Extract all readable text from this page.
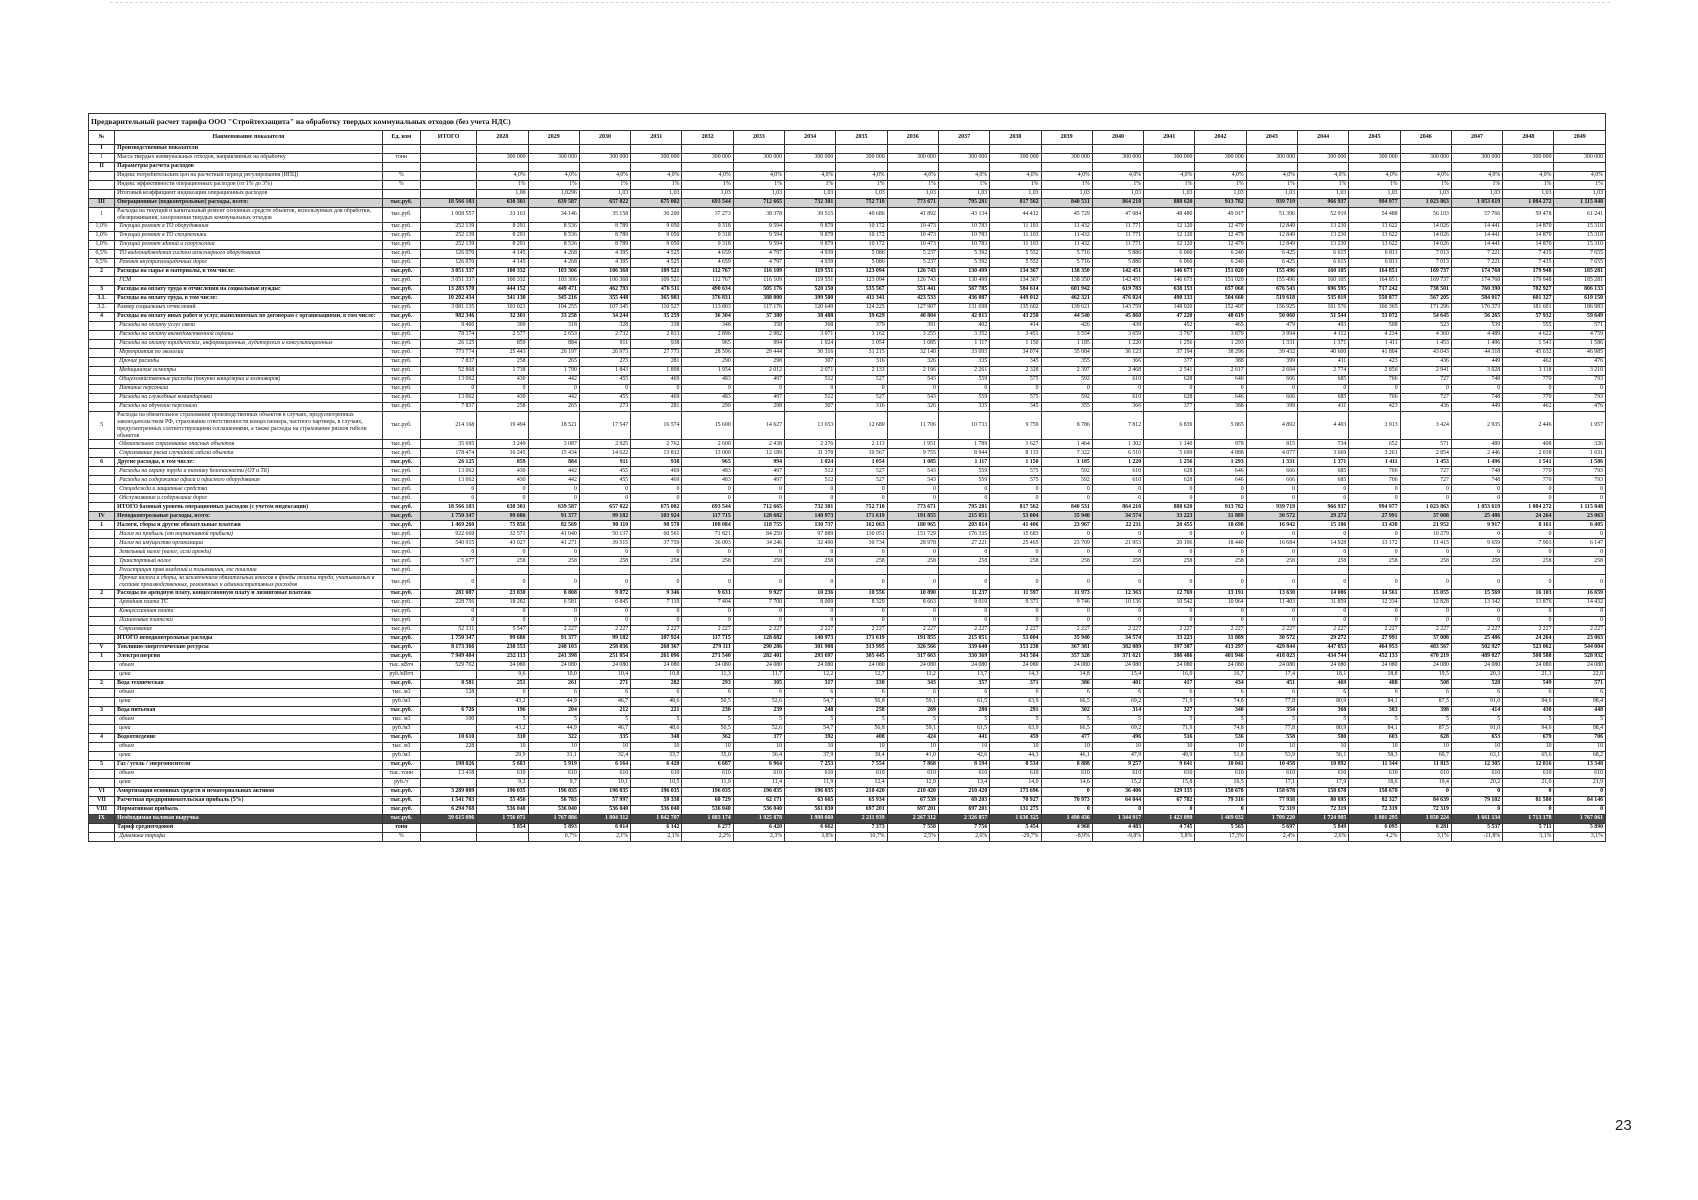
Предварительный расчет тарифа ООО "Стройтехзащита" на обработку твердых коммунальных отходов (без учета НДС)																									
№	Наименование показателя	Ед. изм	ИТОГО	2028	2029	2030	2031	2032	2033	2034	2035	2036	2037	2038	2039	2040	2041	2042	2043	2044	2045	2046	2047	2048	2049
I	Производственные показатели																								
1	Масса твердых коммунальных отходов, направляемых на обработку	тонн		300 000	300 000	300 000	300 000	300 000	300 000	300 000	300 000	300 000	300 000	300 000	300 000	300 000	300 000	300 000	300 000	300 000	300 000	300 000	300 000	300 000	300 000
II	Параметры расчета расходов																								
	Индекс потребительских цен на расчетный период регулирования (ИПЦ)	%		4,0%	4,0%	4,0%	4,0%	4,0%	4,0%	4,0%	4,0%	4,0%	4,0%	4,0%	4,0%	4,0%	4,0%	4,0%	4,0%	4,0%	4,0%	4,0%	4,0%	4,0%	4,0%
	Индекс эффективности операционных расходов (от 1% до 3%)	%		1%	1%	1%	1%	1%	1%	1%	1%	1%	1%	1%	1%	1%	1%	1%	1%	1%	1%	1%	1%	1%	1%
	Итоговый коэффициент индексации операционных расходов			1,00	1,0296	1,03	1,03	1,03	1,03	1,03	1,03	1,03	1,03	1,03	1,03	1,03	1,03	1,03	1,03	1,03	1,03	1,03	1,03	1,03	1,03
III	Операционные (подконтрольные) расходы, всего:	тыс.руб.	18 566 103	630 301	639 587	657 022	675 002	693 544	712 665	732 381	752 710	773 671	795 281	817 562	840 531	864 210	888 620	913 782	939 719	966 937	994 977	1 023 863	1 053 619	1 084 272	1 115 848
1	Расходы на текущий и капитальный ремонт основных средств объектов, используемых для обработки, обезвреживания, захоронения твердых коммунальных отходов	тыс.руб.	1 008 557	33 163	34 146	35 158	36 200	37 273	38 378	39 515	40 686	41 892	43 134	44 412	45 729	47 084	48 480	49 917	51 396	52 919	54 488	56 103	57 766	59 478	61 241
1,0%	Текущий ремонт в ТО оборудования	тыс.руб.	252 139	8 291	8 536	8 789	9 050	9 318	9 594	9 879	10 172	10 473	10 783	11 103	11 432	11 771	12 120	12 479	12 849	13 230	13 622	14 026	14 441	14 870	15 310
1,0%	Текущий ремонт в ТО спецтехники	тыс.руб.	252 139	8 291	8 536	8 789	9 050	9 318	9 594	9 879	10 172	10 473	10 783	11 103	11 432	11 771	12 120	12 479	12 849	13 230	13 622	14 026	14 441	14 870	15 310
1,0%	Текущий ремонт зданий и сооружений	тыс.руб.	252 139	8 291	8 536	8 789	9 050	9 318	9 594	9 879	10 172	10 473	10 783	11 103	11 432	11 771	12 120	12 479	12 849	13 230	13 622	14 026	14 441	14 870	15 310
0,5%	ТО видеонаблюдения систем инженерного оборудования	тыс.руб.	126 070	4 145	4 268	4 395	4 525	4 659	4 797	4 939	5 086	5 237	5 392	5 552	5 716	5 886	6 060	6 240	6 425	6 615	6 811	7 013	7 221	7 435	7 655
0,5%	Ремонт внутриплощадочных дорог	тыс.руб.	126 070	4 145	4 268	4 395	4 525	4 659	4 797	4 939	5 086	5 237	5 392	5 552	5 716	5 886	6 060	6 240	6 425	6 615	6 811	7 013	7 221	7 435	7 655
2	Расходы на сырье и материалы, в том числе:	тыс.руб.	3 051 337	100 332	103 306	106 368	109 521	112 767	116 109	119 551	123 094	126 743	130 499	134 367	138 350	142 451	146 673	151 020	155 496	160 105	164 851	169 737	174 768	179 948	185 281
	ГСМ	тыс.руб.	3 051 337	100 332	103 306	106 368	109 521	112 767	116 109	119 551	123 094	126 743	130 499	134 367	138 350	142 451	146 673	151 020	155 496	160 105	164 851	169 737	174 768	179 948	185 281
3	Расходы на оплату труда и отчисления на социальные нужды:	тыс.руб.	13 283 570	444 152	449 471	462 793	476 511	490 634	505 176	520 150	535 567	551 441	567 785	584 614	601 942	619 783	638 153	657 068	676 543	696 595	717 242	738 501	760 390	782 927	806 133
3.1.	Расходы на оплату труда, в том числе:	тыс.руб.	10 202 434	341 130	345 216	355 448	365 983	376 831	388 000	399 500	411 341	423 533	436 087	449 012	462 321	476 024	490 133	504 660	519 618	535 019	550 877	567 205	584 017	601 327	619 150
3.2.	Размер социальных отчислений	тыс.руб.	3 081 135	103 021	104 255	107 345	110 527	113 803	117 176	120 649	124 225	127 907	131 698	135 602	139 621	143 759	148 020	152 407	156 925	161 576	166 365	171 296	176 373	181 601	186 983
4	Расходы на оплату иных работ и услуг, выполняемых по договорам с организациями, в том числе:	тыс.руб.	982 346	32 301	33 258	34 244	35 259	36 304	37 380	38 488	39 629	40 804	42 013	43 258	44 540	45 860	47 220	48 619	50 060	51 544	53 072	54 645	56 265	57 932	59 649
	Расходы на оплату услуг связи	тыс.руб.	9 406	309	318	328	338	348	358	368	379	391	402	414	426	439	452	465	479	493	508	523	539	555	571
	Расходы на оплату вневедомственной охраны	тыс.руб.	78 374	2 577	2 653	2 732	2 813	2 896	2 982	3 071	3 162	3 255	3 352	3 451	3 554	3 659	3 767	3 879	3 994	4 112	4 234	4 360	4 489	4 622	4 759
	Расходы на оплату юридических, информационных, аудиторских и консультационных	тыс.руб.	26 125	859	884	911	938	965	994	1 024	1 054	1 085	1 117	1 150	1 185	1 220	1 256	1 293	1 331	1 371	1 411	1 453	1 496	1 541	1 586
	Мероприятия по экологии	тыс.руб.	773 774	25 443	26 197	26 973	27 773	28 596	29 444	30 316	31 215	32 140	33 093	34 074	35 084	36 123	37 194	38 296	39 432	40 600	41 804	43 043	44 318	45 632	46 985
	Прочие расходы	тыс.руб.	7 837	258	265	273	281	290	298	307	316	326	335	345	355	366	377	388	399	411	423	436	449	462	476
	Медицинские осмотры	тыс.руб.	52 868	1 738	1 790	1 843	1 898	1 954	2 012	2 071	2 133	2 196	2 261	2 328	2 397	2 468	2 541	2 617	2 694	2 774	2 856	2 941	3 028	3 118	3 210
	Общехозяйственные расходы (покупка канцелярии и хозтоваров)	тыс.руб.	13 062	430	442	455	469	483	497	512	527	543	559	575	592	610	628	646	666	685	706	727	748	770	793
	Питание персонала	тыс.руб.	0	0	0	0	0	0	0	0	0	0	0	0	0	0	0	0	0	0	0	0	0	0	0
	Расходы на служебные командировки	тыс.руб.	13 062	430	442	455	469	483	497	512	527	543	559	575	592	610	628	646	666	685	706	727	748	770	793
	Расходы на обучение персонала	тыс.руб.	7 837	258	265	273	281	290	298	307	316	326	335	345	355	366	377	388	399	411	423	436	449	462	476
5	Расходы на обязательное страхование производственных объектов в случаях, предусмотренных законодательством РФ, страхование ответственности концессионера, частного партнера, в случаях, предусмотренных соответствующими соглашениями, а также расходы на страхование рисков гибели объектов	тыс.руб.	214 168	19 494	18 521	17 547	16 574	15 600	14 627	13 653	12 680	11 706	10 733	9 759	8 786	7 812	6 839	5 865	4 892	4 403	3 913	3 424	2 935	2 446	1 957
	Обязательное страхование опасных объектов	тыс.руб.	35 695	3 249	3 087	2 925	2 762	2 600	2 438	2 276	2 113	1 951	1 789	1 627	1 464	1 302	1 140	978	815	734	652	571	489	408	326
	Страхование риска случайной гибели объекта	тыс.руб.	178 474	16 245	15 434	14 622	13 812	13 000	12 189	11 378	10 567	9 755	8 944	8 133	7 322	6 510	5 699	4 888	4 077	3 669	3 261	2 854	2 446	2 038	1 631
6	Другие расходы, в том числе:	тыс.руб.	26 125	859	884	911	938	965	994	1 024	1 054	1 085	1 117	1 150	1 185	1 220	1 256	1 293	1 331	1 371	1 411	1 453	1 496	1 541	1 586
	Расходы на охрану труда и технику безопасности (ОТ и ТБ)	тыс.руб.	13 062	430	442	455	469	483	497	512	527	543	559	575	592	610	628	646	666	685	706	727	748	770	793
	Расходы на содержание офиса и офисного оборудования	тыс.руб.	13 062	430	442	455	469	483	497	512	527	543	559	575	592	610	628	646	666	685	706	727	748	770	793
	Спецодежда и защитные средства	тыс.руб.	0	0	0	0	0	0	0	0	0	0	0	0	0	0	0	0	0	0	0	0	0	0	0
	Обслуживание и содержание дорог	тыс.руб.	0	0	0	0	0	0	0	0	0	0	0	0	0	0	0	0	0	0	0	0	0	0	0
	ИТОГО базовый уровень операционных расходов (с учетом индексации)	тыс.руб.	18 566 103	630 301	639 587	657 022	675 002	693 544	712 665	732 381	752 710	773 671	795 281	817 562	840 531	864 210	888 620	913 782	939 719	966 937	994 977	1 023 863	1 053 619	1 084 272	1 115 848
IV	Неподконтрольные расходы, всего:	тыс.руб.	1 750 347	99 686	91 377	99 182	103 924	117 715	128 682	140 973	171 619	191 855	215 051	53 004	35 940	34 574	33 223	31 889	30 572	29 272	27 991	37 008	25 486	24 264	23 063
1	Налоги, сборы и другие обязательные платежи	тыс.руб.	1 469 260	75 856	82 569	90 110	98 578	108 084	118 755	130 737	162 063	180 965	203 814	41 406	23 967	22 211	20 455	18 698	16 942	15 186	13 430	21 952	9 917	8 161	6 405
	Налог на прибыль (от нормативной прибыли)	тыс.руб.	922 669	32 571	41 040	50 137	60 561	71 821	84 250	97 889	130 051	151 729	176 335	15 683	0	0	0	0	0	0	0	10 279	0	0	0
	Налог на имущество организации	тыс.руб.	540 915	43 027	41 271	39 515	37 759	36 003	34 246	32 490	30 734	28 978	27 221	25 465	23 709	21 953	20 196	18 440	16 684	14 928	13 172	11 415	9 659	7 903	6 147
	Земельный налог (налог, если аренда)	тыс.руб.	0	0	0	0	0	0	0	0	0	0	0	0	0	0	0	0	0	0	0	0	0	0	0
	Транспортный налог	тыс.руб.	5 677	258	258	258	258	258	258	258	258	258	258	258	258	258	258	258	258	258	258	258	258	258	258
	Регистрация прав владений и пользования, гос пошлина	тыс.руб.																							
	Прочие налоги и сборы, за исключением обязательных взносов в фонды оплаты труда, учитываемых в составе производственных, ремонтных и административных расходов	тыс.руб.	0	0	0	0	0	0	0	0	0	0	0	0	0	0	0	0	0	0	0	0	0	0	0
2	Расходы по арендную плату, концессионную плату и лизинговые платежи	тыс.руб.	281 087	23 830	8 808	9 072	9 346	9 631	9 927	10 236	10 556	10 890	11 237	11 597	11 973	12 363	12 769	13 191	13 630	14 086	14 561	15 055	15 569	16 103	16 659
	Арендная плата ТС	тыс.руб.	228 756	18 282	6 581	6 845	7 119	7 404	7 700	8 009	8 329	8 663	9 010	9 371	9 746	10 136	10 542	10 964	11 403	11 859	12 334	12 828	13 342	13 876	14 432
	Концессионная плата	тыс.руб.	0	0	0	0	0	0	0	0	0	0	0	0	0	0	0	0	0	0	0	0	0	0	0
	Лизинговые платежи	тыс.руб.	0	0	0	0	0	0	0	0	0	0	0	0	0	0	0	0	0	0	0	0	0	0	0
	Страхование	тыс.руб.	52 331	5 547	2 227	2 227	2 227	2 227	2 227	2 227	2 227	2 227	2 227	2 227	2 227	2 227	2 227	2 227	2 227	2 227	2 227	2 227	2 227	2 227	2 227
	ИТОГО неподконтрольные расходы	тыс.руб.	1 750 347	99 686	91 377	99 182	107 924	117 715	128 682	140 973	171 619	191 855	215 051	53 004	35 940	34 574	33 223	31 889	30 572	29 272	27 991	37 008	25 486	24 264	23 063
V	Топливно-энергетические ресурсы	тыс.руб.	8 173 366	238 553	248 103	258 036	268 367	279 111	290 286	301 908	313 995	326 566	339 640	353 238	367 381	382 089	397 387	413 297	429 844	447 053	464 953	483 567	502 927	523 062	544 004
1	Электроэнергия	тыс.руб.	7 949 404	232 113	241 398	251 054	261 096	271 540	282 401	293 697	305 445	317 663	330 369	343 584	357 328	371 621	386 486	401 946	418 023	434 744	452 133	470 219	489 027	508 588	528 932
	объем	тыс. кВтч	529 762	24 080	24 080	24 080	24 080	24 080	24 080	24 080	24 080	24 080	24 080	24 080	24 080	24 080	24 080	24 080	24 080	24 080	24 080	24 080	24 080	24 080	24 080
	цена	руб./кВтч		9,6	10,0	10,4	10,8	11,3	11,7	12,2	12,7	13,2	13,7	14,3	14,8	15,4	16,0	16,7	17,4	18,1	18,8	19,5	20,3	21,1	22,0
2	Вода техническая	тыс.руб.	8 581	251	261	271	282	293	305	317	330	343	357	371	386	401	417	434	451	469	488	508	528	549	571
	объем	тыс. м3	128	6	6	6	6	6	6	6	6	6	6	6	6	6	6	6	6	6	6	6	6	6	6
	цена	руб./м3		43,2	44,9	46,7	48,6	50,5	52,6	54,7	56,8	59,1	61,5	63,9	66,5	69,2	71,9	74,8	77,8	80,9	84,1	87,5	91,0	94,6	98,4
3	Вода питьевая	тыс.руб.	6 726	196	204	212	221	230	239	248	258	269	280	291	302	314	327	340	354	368	383	398	414	430	448
	объем	тыс. м3	100	5	5	5	5	5	5	5	5	5	5	5	5	5	5	5	5	5	5	5	5	5	5
	цена	руб./м3		43,2	44,9	46,7	48,6	50,5	52,6	54,7	56,8	59,1	61,5	63,9	66,5	69,2	71,9	74,8	77,8	80,9	84,1	87,5	91,0	94,6	98,4
4	Водоотведение	тыс.руб.	10 610	310	322	335	348	362	377	392	408	424	441	459	477	496	516	536	558	580	603	628	653	679	706
	объем	тыс. м3	228	10	10	10	10	10	10	10	10	10	10	10	10	10	10	10	10	10	10	10	10	10	10
	цена	руб./м3		29,9	31,1	32,4	33,7	35,0	36,4	37,9	39,4	41,0	42,6	44,3	46,1	47,9	49,9	51,8	53,9	56,1	58,3	60,7	63,1	65,6	68,2
5	Газ / уголь / энергоносители	тыс.руб.	198 026	5 683	5 919	6 164	6 420	6 687	6 964	7 253	7 554	7 868	8 194	8 534	8 888	9 257	9 641	10 041	10 458	10 892	11 344	11 815	12 305	12 816	13 348
	объем	тыс. тонн	13 418	610	610	610	610	610	610	610	610	610	610	610	610	610	610	610	610	610	610	610	610	610	610
	цена	руб./т		9,3	9,7	10,1	10,5	11,0	11,4	11,9	12,4	12,9	13,4	14,0	14,6	15,2	15,8	16,5	17,1	17,9	18,6	19,4	20,2	21,0	21,9
VI	Амортизация основных средств и нематериальных активов	тыс.руб.	3 289 009	196 035	196 035	196 035	196 035	196 035	196 035	196 035	210 420	210 420	210 420	173 696	0	36 406	129 135	158 678	158 678	158 678	158 678	0	0	0	0
VII	Расчетная предпринимательская прибыль (5%)	тыс.руб.	1 541 703	55 456	56 783	57 997	59 338	60 729	62 171	63 665	65 934	67 539	69 203	70 927	70 973	64 044	67 782	79 316	77 938	80 695	82 327	84 639	79 102	81 580	84 146
VIII	Нормативная прибыль	тыс.руб.	6 294 768	536 040	536 040	536 040	536 040	536 040	536 040	561 030	697 201	697 201	697 201	131 275	0	0	0	0	72 319	72 319	72 319	72 319	0	0	0
IX	Необходимая валовая выручка	тыс.руб.	39 615 096	1 756 071	1 767 886	1 804 312	1 842 707	1 883 174	1 925 878	1 998 660	2 211 939	2 267 312	2 326 857	1 636 325	1 490 436	1 344 917	1 423 099	1 469 032	1 709 220	1 724 905	1 801 295	1 850 224	1 661 134	1 713 178	1 767 061
	Тариф среднегодовой	тонн		5 854	5 893	6 014	6 142	6 277	6 420	6 662	7 373	7 558	7 756	5 454	4 968	4 483	4 745	5 565	5 697	5 849	6 095	6 281	5 537	5 711	5 890
	Динамика тарифа	%			0,7%	2,1%	2,1%	2,2%	2,3%	3,8%	10,7%	2,5%	2,6%	-29,7%	-8,9%	-9,8%	5,8%	17,3%	2,4%	2,6%	4,2%	3,1%	-11,8%	3,1%	3,1%
23
